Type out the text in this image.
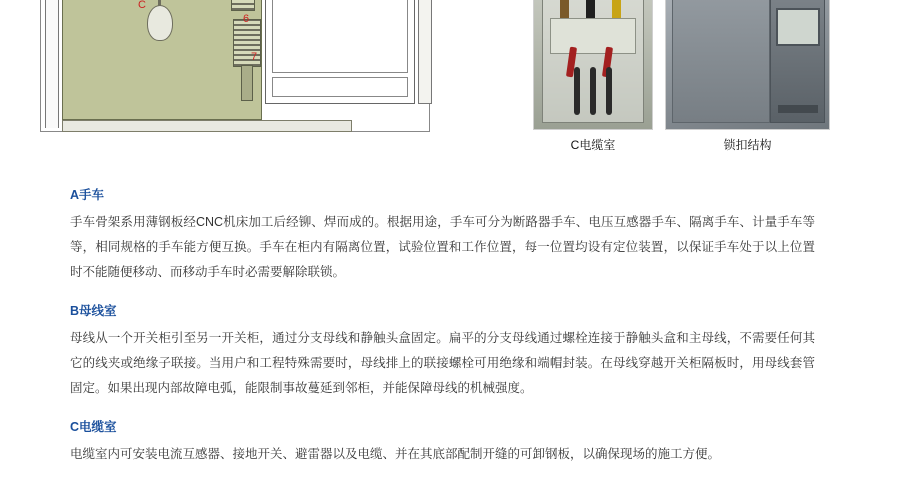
C
6
7
C电缆室	锁扣结构
A手车
手车骨架系用薄钢板经CNC机床加工后经铆、焊而成的。根据用途，手车可分为断路器手车、电压互感器手车、隔离手车、计量手车等等，相同规格的手车能方便互换。手车在柜内有隔离位置，试验位置和工作位置，每一位置均设有定位装置，以保证手车处于以上位置时不能随便移动、而移动手车时必需要解除联锁。
B母线室
母线从一个开关柜引至另一开关柜，通过分支母线和静触头盒固定。扁平的分支母线通过螺栓连接于静触头盒和主母线，不需要任何其它的线夹或绝缘子联接。当用户和工程特殊需要时，母线排上的联接螺栓可用绝缘和端帽封装。在母线穿越开关柜隔板时，用母线套管固定。如果出现内部故障电弧，能限制事故蔓延到邻柜，并能保障母线的机械强度。
C电缆室
电缆室内可安装电流互感器、接地开关、避雷器以及电缆、并在其底部配制开缝的可卸钢板，以确保现场的施工方便。
